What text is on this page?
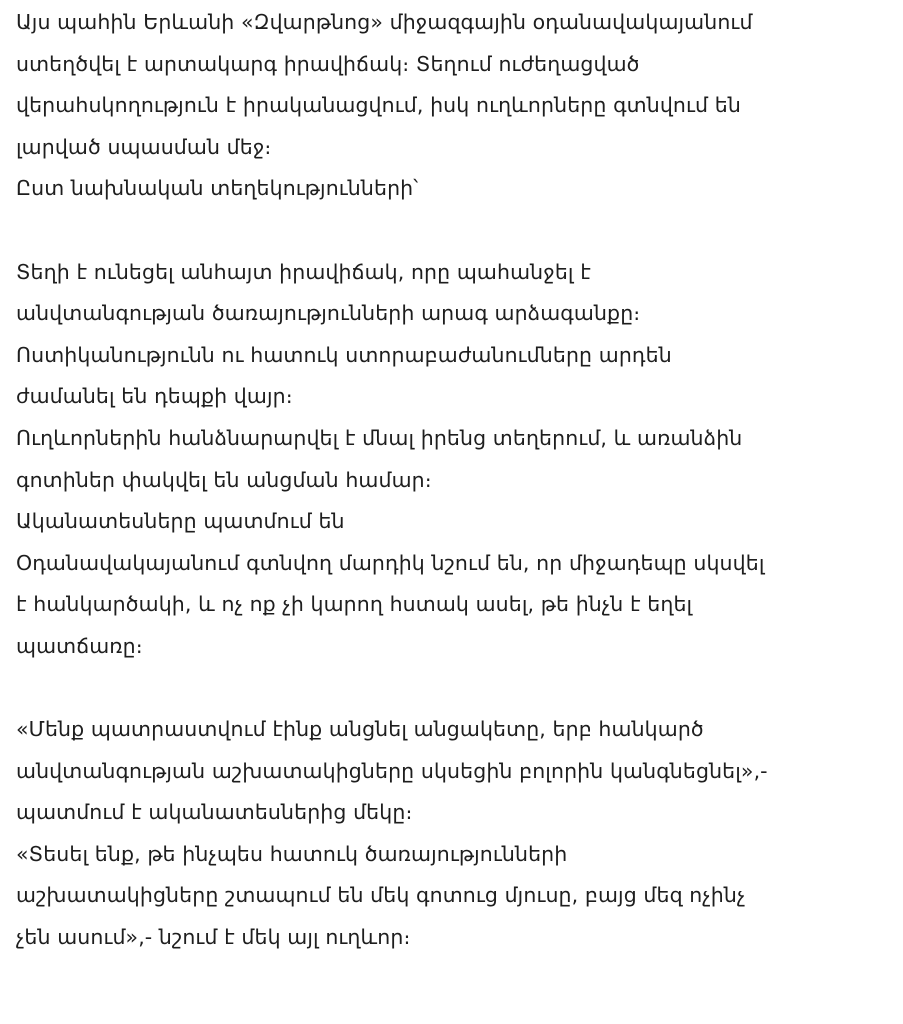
Այս պահին Երևանի «Զվարթնոց» միջազգային օդանավակայանում
ստեղծվել է արտակարգ իրավիճակ։ Տեղում ուժեղացված
վերահսկողություն է իրականացվում, իսկ ուղևորները գտնվում են
լարված սպասման մեջ։
Ըստ նախնական տեղեկությունների՝
Տեղի է ունեցել անհայտ իրավիճակ, որը պահանջել է
անվտանգության ծառայությունների արագ արձագանքը։
Ոստիկանությունն ու հատուկ ստորաբաժանումները արդեն
ժամանել են դեպքի վայր։
Ուղևորներին հանձնարարվել է մնալ իրենց տեղերում, և առանձին
գոտիներ փակվել են անցման համար։
Ականատեսները պատմում են
Օդանավակայանում գտնվող մարդիկ նշում են, որ միջադեպը սկսվել
է հանկարծակի, և ոչ ոք չի կարող հստակ ասել, թե ինչն է եղել
պատճառը։
«Մենք պատրաստվում էինք անցնել անցակետը, երբ հանկարծ
անվտանգության աշխատակիցները սկսեցին բոլորին կանգնեցնել»,-
պատմում է ականատեսներից մեկը։
«Տեսել ենք, թե ինչպես հատուկ ծառայությունների
աշխատակիցները շտապում են մեկ գոտուց մյուսը, բայց մեզ ոչինչ
չեն ասում»,- նշում է մեկ այլ ուղևոր։
